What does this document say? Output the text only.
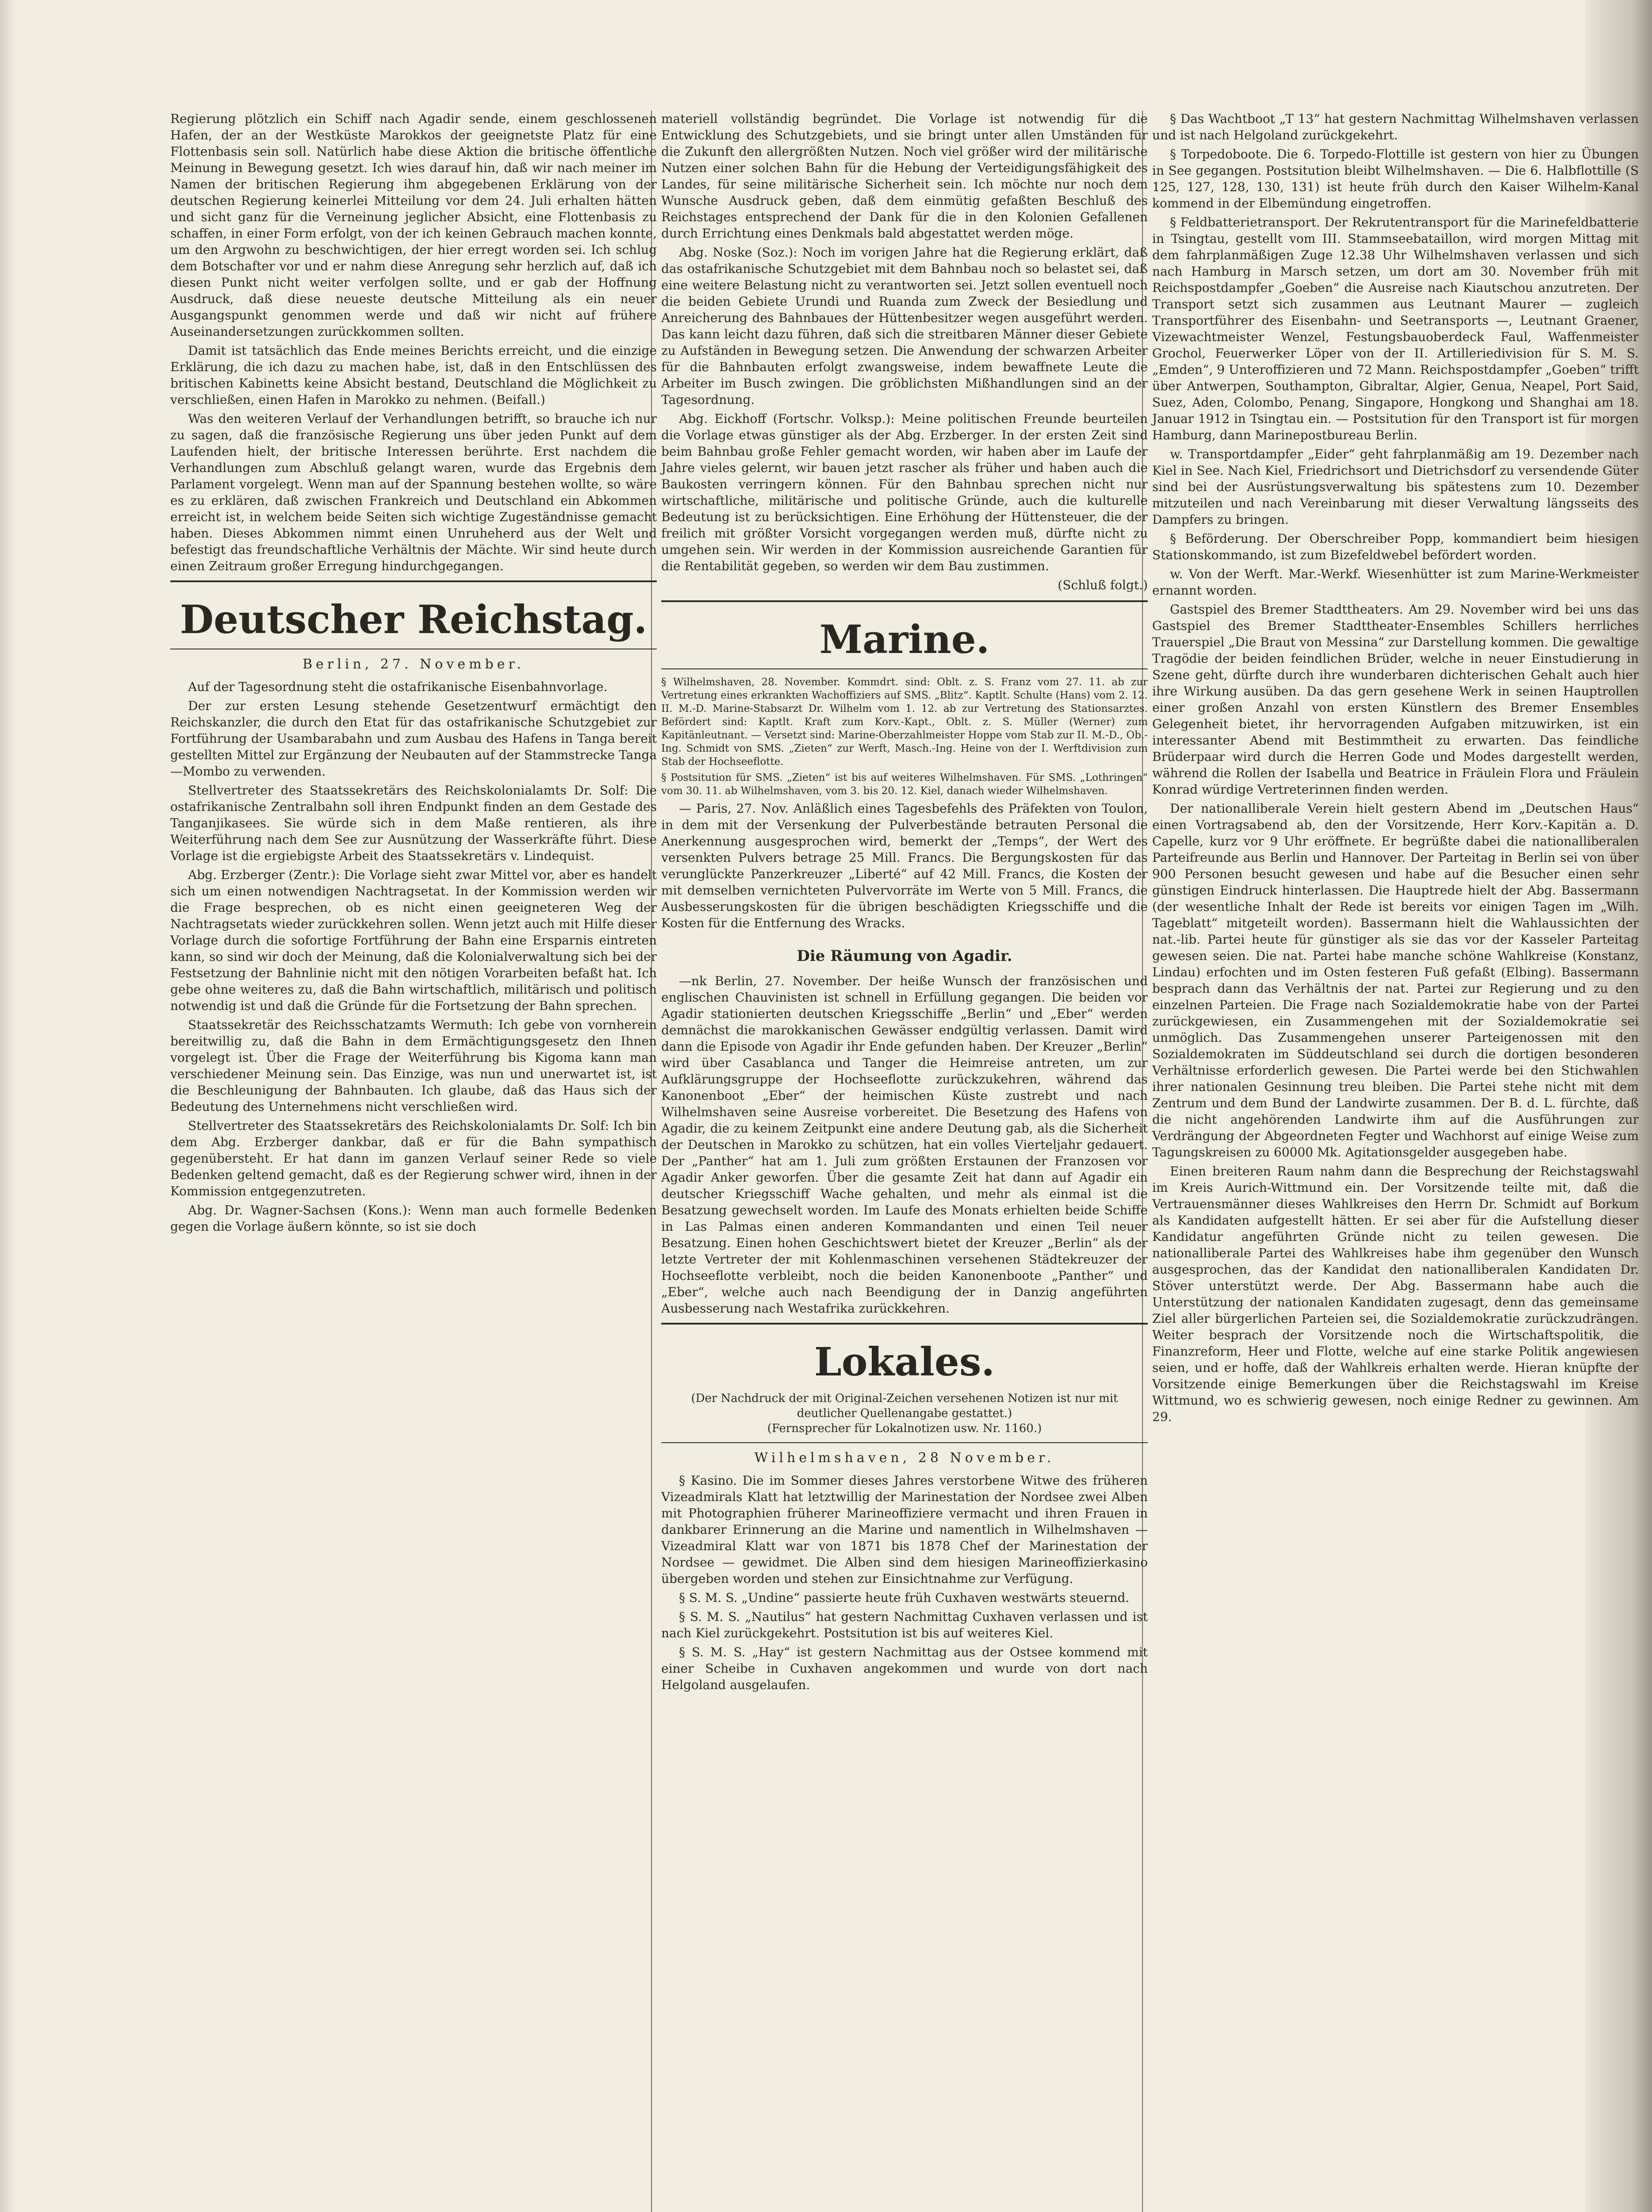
Regierung plötzlich ein Schiff nach Agadir sende, einem geschlossenen Hafen, der an der Westküste Marokkos der geeignetste Platz für eine Flottenbasis sein soll. Natürlich habe diese Aktion die britische öffentliche Meinung in Bewegung gesetzt. Ich wies darauf hin, daß wir nach meiner im Namen der britischen Regierung ihm abgegebenen Erklärung von der deutschen Regierung keinerlei Mitteilung vor dem 24. Juli erhalten hätten und sicht ganz für die Verneinung jeglicher Absicht, eine Flottenbasis zu schaffen, in einer Form erfolgt, von der ich keinen Gebrauch machen konnte, um den Argwohn zu beschwichtigen, der hier erregt worden sei. Ich schlug dem Botschafter vor und er nahm diese Anregung sehr herzlich auf, daß ich diesen Punkt nicht weiter verfolgen sollte, und er gab der Hoffnung Ausdruck, daß diese neueste deutsche Mitteilung als ein neuer Ausgangspunkt genommen werde und daß wir nicht auf frühere Auseinandersetzungen zurückkommen sollten.

Damit ist tatsächlich das Ende meines Berichts erreicht, und die einzige Erklärung, die ich dazu zu machen habe, ist, daß in den Entschlüssen des britischen Kabinetts keine Absicht bestand, Deutschland die Möglichkeit zu verschließen, einen Hafen in Marokko zu nehmen. (Beifall.)

Was den weiteren Verlauf der Verhandlungen betrifft, so brauche ich nur zu sagen, daß die französische Regierung uns über jeden Punkt auf dem Laufenden hielt, der britische Interessen berührte. Erst nachdem die Verhandlungen zum Abschluß gelangt waren, wurde das Ergebnis dem Parlament vorgelegt. Wenn man auf der Spannung bestehen wollte, so wäre es zu erklären, daß zwischen Frankreich und Deutschland ein Abkommen erreicht ist, in welchem beide Seiten sich wichtige Zugeständnisse gemacht haben. Dieses Abkommen nimmt einen Unruheherd aus der Welt und befestigt das freundschaftliche Verhältnis der Mächte. Wir sind heute durch einen Zeitraum großer Erregung hindurchgegangen.

Deutscher Reichstag.
Berlin, 27. November.

Auf der Tagesordnung steht die ostafrikanische Eisenbahnvorlage.

Der zur ersten Lesung stehende Gesetzentwurf ermächtigt den Reichskanzler, die durch den Etat für das ostafrikanische Schutzgebiet zur Fortführung der Usambarabahn und zum Ausbau des Hafens in Tanga bereit gestellten Mittel zur Ergänzung der Neubauten auf der Stammstrecke Tanga—Mombo zu verwenden.

Stellvertreter des Staatssekretärs des Reichskolonialamts Dr. Solf: Die ostafrikanische Zentralbahn soll ihren Endpunkt finden an dem Gestade des Tanganjikasees. Sie würde sich in dem Maße rentieren, als ihre Weiterführung nach dem See zur Ausnützung der Wasserkräfte führt. Diese Vorlage ist die ergiebigste Arbeit des Staatssekretärs v. Lindequist.

Abg. Erzberger (Zentr.): Die Vorlage sieht zwar Mittel vor, aber es handelt sich um einen notwendigen Nachtragsetat. In der Kommission werden wir die Frage besprechen, ob es nicht einen geeigneteren Weg der Nachtragsetats wieder zurückkehren sollen. Wenn jetzt auch mit Hilfe dieser Vorlage durch die sofortige Fortführung der Bahn eine Ersparnis eintreten kann, so sind wir doch der Meinung, daß die Kolonialverwaltung sich bei der Festsetzung der Bahnlinie nicht mit den nötigen Vorarbeiten befaßt hat. Ich gebe ohne weiteres zu, daß die Bahn wirtschaftlich, militärisch und politisch notwendig ist und daß die Gründe für die Fortsetzung der Bahn sprechen.

Staatssekretär des Reichsschatzamts Wermuth: Ich gebe von vornherein bereitwillig zu, daß die Bahn in dem Ermächtigungsgesetz den Ihnen vorgelegt ist. Über die Frage der Weiterführung bis Kigoma kann man verschiedener Meinung sein. Das Einzige, was nun und unerwartet ist, ist die Beschleunigung der Bahnbauten. Ich glaube, daß das Haus sich der Bedeutung des Unternehmens nicht verschließen wird.

Stellvertreter des Staatssekretärs des Reichskolonialamts Dr. Solf: Ich bin dem Abg. Erzberger dankbar, daß er für die Bahn sympathisch gegenübersteht. Er hat dann im ganzen Verlauf seiner Rede so viele Bedenken geltend gemacht, daß es der Regierung schwer wird, ihnen in der Kommission entgegenzutreten.

Abg. Dr. Wagner-Sachsen (Kons.): Wenn man auch formelle Bedenken gegen die Vorlage äußern könnte, so ist sie doch

materiell vollständig begründet. Die Vorlage ist notwendig für die Entwicklung des Schutzgebiets, und sie bringt unter allen Umständen für die Zukunft den allergrößten Nutzen. Noch viel größer wird der militärische Nutzen einer solchen Bahn für die Hebung der Verteidigungsfähigkeit des Landes, für seine militärische Sicherheit sein. Ich möchte nur noch dem Wunsche Ausdruck geben, daß dem einmütig gefaßten Beschluß des Reichstages entsprechend der Dank für die in den Kolonien Gefallenen durch Errichtung eines Denkmals bald abgestattet werden möge.

Abg. Noske (Soz.): Noch im vorigen Jahre hat die Regierung erklärt, daß das ostafrikanische Schutzgebiet mit dem Bahnbau noch so belastet sei, daß eine weitere Belastung nicht zu verantworten sei. Jetzt sollen eventuell noch die beiden Gebiete Urundi und Ruanda zum Zweck der Besiedlung und Anreicherung des Bahnbaues der Hüttenbesitzer wegen ausgeführt werden. Das kann leicht dazu führen, daß sich die streitbaren Männer dieser Gebiete zu Aufständen in Bewegung setzen. Die Anwendung der schwarzen Arbeiter für die Bahnbauten erfolgt zwangsweise, indem bewaffnete Leute die Arbeiter im Busch zwingen. Die gröblichsten Mißhandlungen sind an der Tagesordnung.

Abg. Eickhoff (Fortschr. Volksp.): Meine politischen Freunde beurteilen die Vorlage etwas günstiger als der Abg. Erzberger. In der ersten Zeit sind beim Bahnbau große Fehler gemacht worden, wir haben aber im Laufe der Jahre vieles gelernt, wir bauen jetzt rascher als früher und haben auch die Baukosten verringern können. Für den Bahnbau sprechen nicht nur wirtschaftliche, militärische und politische Gründe, auch die kulturelle Bedeutung ist zu berücksichtigen. Eine Erhöhung der Hüttensteuer, die der freilich mit größter Vorsicht vorgegangen werden muß, dürfte nicht zu umgehen sein. Wir werden in der Kommission ausreichende Garantien für die Rentabilität gegeben, so werden wir dem Bau zustimmen.

(Schluß folgt.)
Marine.

§ Wilhelmshaven, 28. November. Kommdrt. sind: Oblt. z. S. Franz vom 27. 11. ab zur Vertretung eines erkrankten Wachoffiziers auf SMS. „Blitz“. Kaptlt. Schulte (Hans) vom 2. 12. II. M.-D. Marine-Stabsarzt Dr. Wilhelm vom 1. 12. ab zur Vertretung des Stationsarztes. Befördert sind: Kaptlt. Kraft zum Korv.-Kapt., Oblt. z. S. Müller (Werner) zum Kapitänleutnant. — Versetzt sind: Marine-Oberzahlmeister Hoppe vom Stab zur II. M.-D., Ob.-Ing. Schmidt von SMS. „Zieten“ zur Werft, Masch.-Ing. Heine von der I. Werftdivision zum Stab der Hochseeflotte.

§ Postsitution für SMS. „Zieten“ ist bis auf weiteres Wilhelmshaven. Für SMS. „Lothringen“ vom 30. 11. ab Wilhelmshaven, vom 3. bis 20. 12. Kiel, danach wieder Wilhelmshaven.

— Paris, 27. Nov. Anläßlich eines Tagesbefehls des Präfekten von Toulon, in dem mit der Versenkung der Pulverbestände betrauten Personal die Anerkennung ausgesprochen wird, bemerkt der „Temps“, der Wert des versenkten Pulvers betrage 25 Mill. Francs. Die Bergungskosten für das verunglückte Panzerkreuzer „Liberté“ auf 42 Mill. Francs, die Kosten der mit demselben vernichteten Pulvervorräte im Werte von 5 Mill. Francs, die Ausbesserungskosten für die übrigen beschädigten Kriegsschiffe und die Kosten für die Entfernung des Wracks.

Die Räumung von Agadir.

—nk Berlin, 27. November. Der heiße Wunsch der französischen und englischen Chauvinisten ist schnell in Erfüllung gegangen. Die beiden vor Agadir stationierten deutschen Kriegsschiffe „Berlin“ und „Eber“ werden demnächst die marokkanischen Gewässer endgültig verlassen. Damit wird dann die Episode von Agadir ihr Ende gefunden haben. Der Kreuzer „Berlin“ wird über Casablanca und Tanger die Heimreise antreten, um zur Aufklärungsgruppe der Hochseeflotte zurückzukehren, während das Kanonenboot „Eber“ der heimischen Küste zustrebt und nach Wilhelmshaven seine Ausreise vorbereitet. Die Besetzung des Hafens von Agadir, die zu keinem Zeitpunkt eine andere Deutung gab, als die Sicherheit der Deutschen in Marokko zu schützen, hat ein volles Vierteljahr gedauert. Der „Panther“ hat am 1. Juli zum größten Erstaunen der Franzosen vor Agadir Anker geworfen. Über die gesamte Zeit hat dann auf Agadir ein deutscher Kriegsschiff Wache gehalten, und mehr als einmal ist die Besatzung gewechselt worden. Im Laufe des Monats erhielten beide Schiffe in Las Palmas einen anderen Kommandanten und einen Teil neuer Besatzung. Einen hohen Geschichtswert bietet der Kreuzer „Berlin“ als der letzte Vertreter der mit Kohlenmaschinen versehenen Städtekreuzer der Hochseeflotte verbleibt, noch die beiden Kanonenboote „Panther“ und „Eber“, welche auch nach Beendigung der in Danzig angeführten Ausbesserung nach Westafrika zurückkehren.

Lokales.
(Der Nachdruck der mit Original-Zeichen versehenen Notizen ist nur mit deutlicher Quellenangabe gestattet.)
(Fernsprecher für Lokalnotizen usw. Nr. 1160.)
Wilhelmshaven, 28 November.

§ Kasino. Die im Sommer dieses Jahres verstorbene Witwe des früheren Vizeadmirals Klatt hat letztwillig der Marinestation der Nordsee zwei Alben mit Photographien früherer Marineoffiziere vermacht und ihren Frauen in dankbarer Erinnerung an die Marine und namentlich in Wilhelmshaven — Vizeadmiral Klatt war von 1871 bis 1878 Chef der Marinestation der Nordsee — gewidmet. Die Alben sind dem hiesigen Marineoffizierkasino übergeben worden und stehen zur Einsichtnahme zur Verfügung.

§ S. M. S. „Undine“ passierte heute früh Cuxhaven westwärts steuernd.

§ S. M. S. „Nautilus“ hat gestern Nachmittag Cuxhaven verlassen und ist nach Kiel zurückgekehrt. Postsitution ist bis auf weiteres Kiel.

§ S. M. S. „Hay“ ist gestern Nachmittag aus der Ostsee kommend mit einer Scheibe in Cuxhaven angekommen und wurde von dort nach Helgoland ausgelaufen.

§ Das Wachtboot „T 13“ hat gestern Nachmittag Wilhelmshaven verlassen und ist nach Helgoland zurückgekehrt.

§ Torpedoboote. Die 6. Torpedo-Flottille ist gestern von hier zu Übungen in See gegangen. Postsitution bleibt Wilhelmshaven. — Die 6. Halbflottille (S 125, 127, 128, 130, 131) ist heute früh durch den Kaiser Wilhelm-Kanal kommend in der Elbemündung eingetroffen.

§ Feldbatterietransport. Der Rekrutentransport für die Marinefeldbatterie in Tsingtau, gestellt vom III. Stammseebataillon, wird morgen Mittag mit dem fahrplanmäßigen Zuge 12.38 Uhr Wilhelmshaven verlassen und sich nach Hamburg in Marsch setzen, um dort am 30. November früh mit Reichspostdampfer „Goeben“ die Ausreise nach Kiautschou anzutreten. Der Transport setzt sich zusammen aus Leutnant Maurer — zugleich Transportführer des Eisenbahn- und Seetransports —, Leutnant Graener, Vizewachtmeister Wenzel, Festungsbauoberdeck Faul, Waffenmeister Grochol, Feuerwerker Löper von der II. Artilleriedivision für S. M. S. „Emden“, 9 Unteroffizieren und 72 Mann. Reichspostdampfer „Goeben“ trifft über Antwerpen, Southampton, Gibraltar, Algier, Genua, Neapel, Port Said, Suez, Aden, Colombo, Penang, Singapore, Hongkong und Shanghai am 18. Januar 1912 in Tsingtau ein. — Postsitution für den Transport ist für morgen Hamburg, dann Marinepostbureau Berlin.

w. Transportdampfer „Eider“ geht fahrplanmäßig am 19. Dezember nach Kiel in See. Nach Kiel, Friedrichsort und Dietrichsdorf zu versendende Güter sind bei der Ausrüstungsverwaltung bis spätestens zum 10. Dezember mitzuteilen und nach Vereinbarung mit dieser Verwaltung längsseits des Dampfers zu bringen.

§ Beförderung. Der Oberschreiber Popp, kommandiert beim hiesigen Stationskommando, ist zum Bizefeldwebel befördert worden.

w. Von der Werft. Mar.-Werkf. Wiesenhütter ist zum Marine-Werkmeister ernannt worden.

Gastspiel des Bremer Stadttheaters. Am 29. November wird bei uns das Gastspiel des Bremer Stadttheater-Ensembles Schillers herrliches Trauerspiel „Die Braut von Messina“ zur Darstellung kommen. Die gewaltige Tragödie der beiden feindlichen Brüder, welche in neuer Einstudierung in Szene geht, dürfte durch ihre wunderbaren dichterischen Gehalt auch hier ihre Wirkung ausüben. Da das gern gesehene Werk in seinen Hauptrollen einer großen Anzahl von ersten Künstlern des Bremer Ensembles Gelegenheit bietet, ihr hervorragenden Aufgaben mitzuwirken, ist ein interessanter Abend mit Bestimmtheit zu erwarten. Das feindliche Brüderpaar wird durch die Herren Gode und Modes dargestellt werden, während die Rollen der Isabella und Beatrice in Fräulein Flora und Fräulein Konrad würdige Vertreterinnen finden werden.

Der nationalliberale Verein hielt gestern Abend im „Deutschen Haus“ einen Vortragsabend ab, den der Vorsitzende, Herr Korv.-Kapitän a. D. Capelle, kurz vor 9 Uhr eröffnete. Er begrüßte dabei die nationalliberalen Parteifreunde aus Berlin und Hannover. Der Parteitag in Berlin sei von über 900 Personen besucht gewesen und habe auf die Besucher einen sehr günstigen Eindruck hinterlassen. Die Hauptrede hielt der Abg. Bassermann (der wesentliche Inhalt der Rede ist bereits vor einigen Tagen im „Wilh. Tageblatt“ mitgeteilt worden). Bassermann hielt die Wahlaussichten der nat.-lib. Partei heute für günstiger als sie das vor der Kasseler Parteitag gewesen seien. Die nat. Partei habe manche schöne Wahlkreise (Konstanz, Lindau) erfochten und im Osten festeren Fuß gefaßt (Elbing). Bassermann besprach dann das Verhältnis der nat. Partei zur Regierung und zu den einzelnen Parteien. Die Frage nach Sozialdemokratie habe von der Partei zurückgewiesen, ein Zusammengehen mit der Sozialdemokratie sei unmöglich. Das Zusammengehen unserer Parteigenossen mit den Sozialdemokraten im Süddeutschland sei durch die dortigen besonderen Verhältnisse erforderlich gewesen. Die Partei werde bei den Stichwahlen ihrer nationalen Gesinnung treu bleiben. Die Partei stehe nicht mit dem Zentrum und dem Bund der Landwirte zusammen. Der B. d. L. fürchte, daß die nicht angehörenden Landwirte ihm auf die Ausführungen zur Verdrängung der Abgeordneten Fegter und Wachhorst auf einige Weise zum Tagungskreisen zu 60000 Mk. Agitationsgelder ausgegeben habe.

Einen breiteren Raum nahm dann die Besprechung der Reichstagswahl im Kreis Aurich-Wittmund ein. Der Vorsitzende teilte mit, daß die Vertrauensmänner dieses Wahlkreises den Herrn Dr. Schmidt auf Borkum als Kandidaten aufgestellt hätten. Er sei aber für die Aufstellung dieser Kandidatur angeführten Gründe nicht zu teilen gewesen. Die nationalliberale Partei des Wahlkreises habe ihm gegenüber den Wunsch ausgesprochen, das der Kandidat den nationalliberalen Kandidaten Dr. Stöver unterstützt werde. Der Abg. Bassermann habe auch die Unterstützung der nationalen Kandidaten zugesagt, denn das gemeinsame Ziel aller bürgerlichen Parteien sei, die Sozialdemokratie zurückzudrängen. Weiter besprach der Vorsitzende noch die Wirtschaftspolitik, die Finanzreform, Heer und Flotte, welche auf eine starke Politik angewiesen seien, und er hoffe, daß der Wahlkreis erhalten werde. Hieran knüpfte der Vorsitzende einige Bemerkungen über die Reichstagswahl im Kreise Wittmund, wo es schwierig gewesen, noch einige Redner zu gewinnen. Am 29.
